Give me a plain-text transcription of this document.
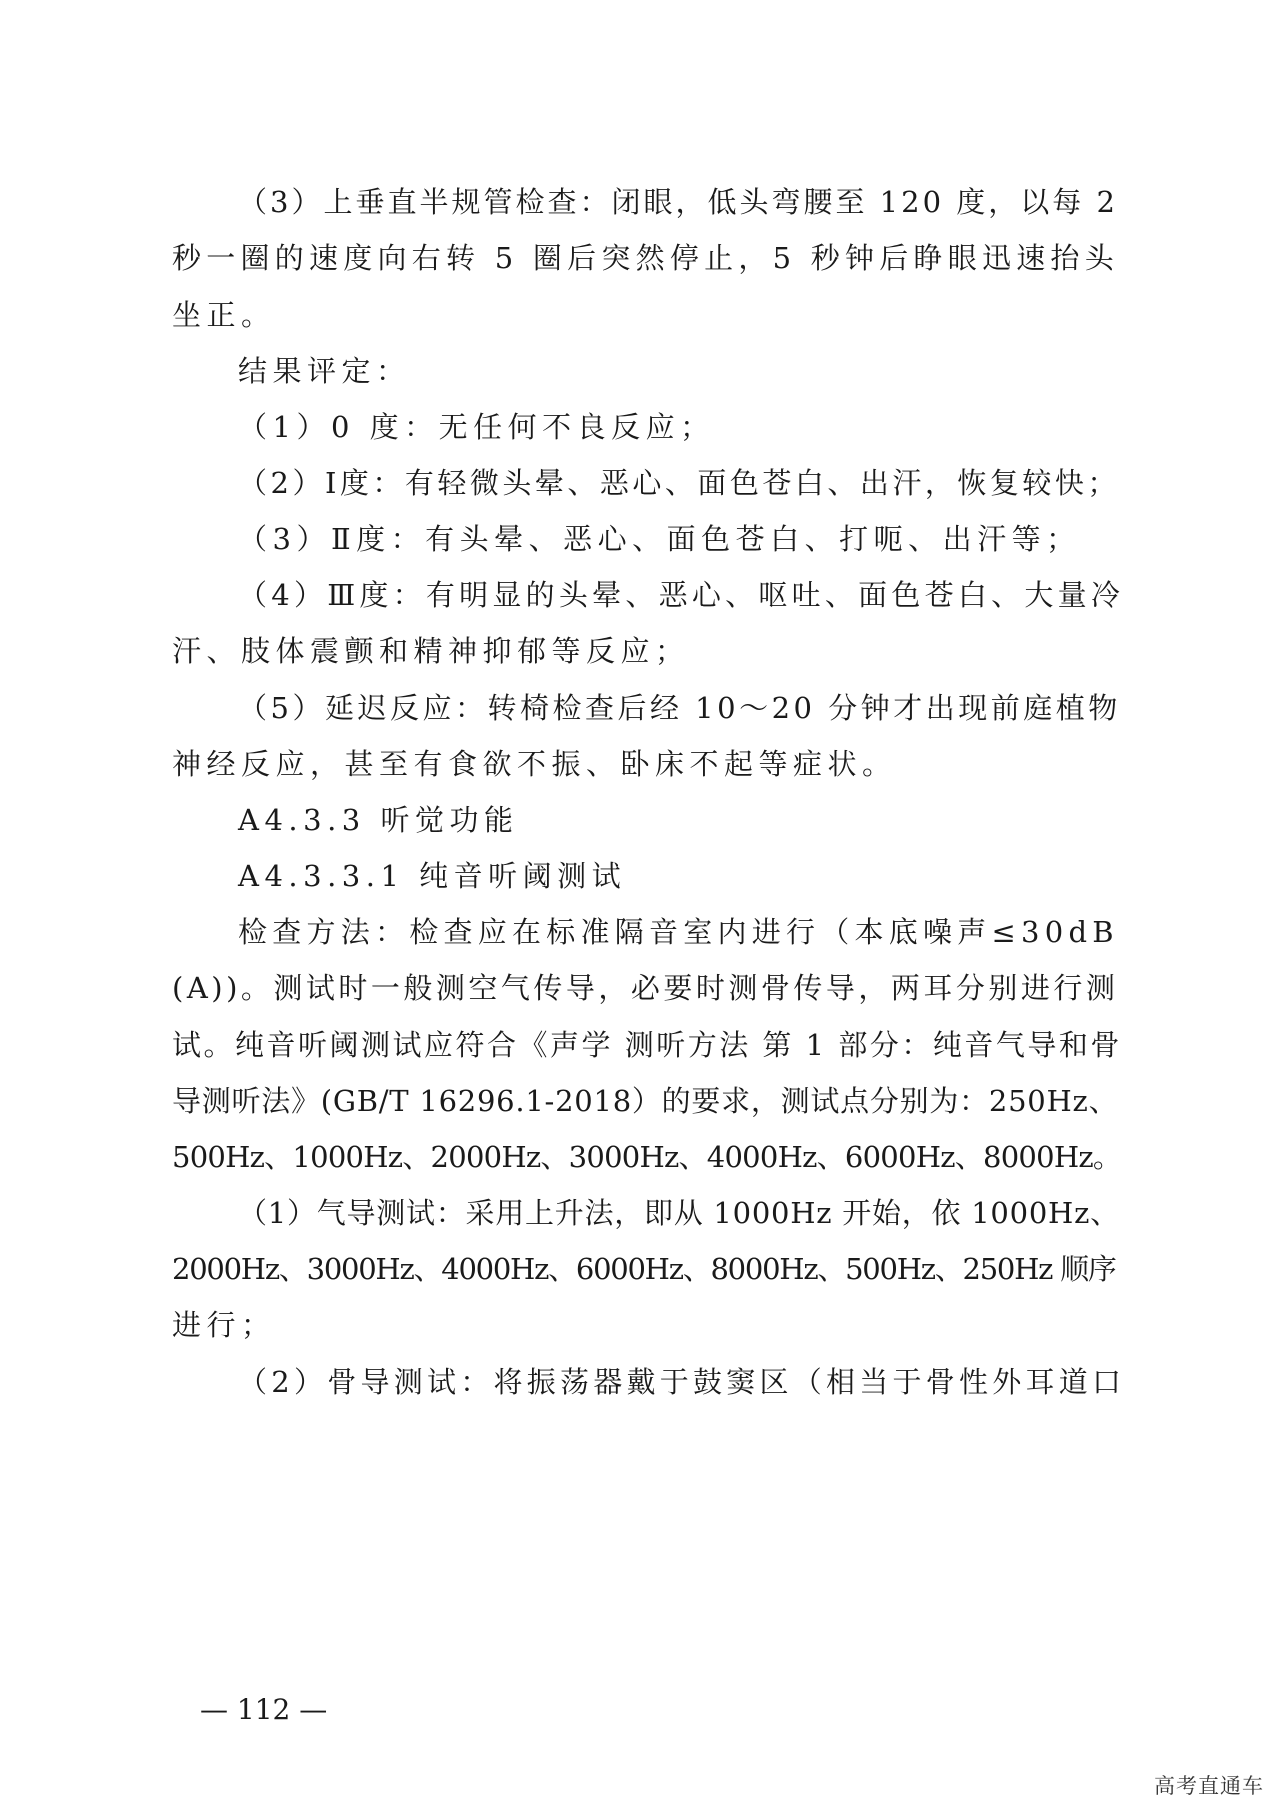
（3）上垂直半规管检查：闭眼，低头弯腰至 120 度，以每 2
秒一圈的速度向右转 5 圈后突然停止，5 秒钟后睁眼迅速抬头
坐正。
结果评定：
（1）0 度：无任何不良反应；
（2）Ⅰ度：有轻微头晕、恶心、面色苍白、出汗，恢复较快；
（3）Ⅱ度：有头晕、恶心、面色苍白、打呃、出汗等；
（4）Ⅲ度：有明显的头晕、恶心、呕吐、面色苍白、大量冷
汗、肢体震颤和精神抑郁等反应；
（5）延迟反应：转椅检查后经 10～20 分钟才出现前庭植物
神经反应，甚至有食欲不振、卧床不起等症状。
A4.3.3 听觉功能
A4.3.3.1 纯音听阈测试
检查方法：检查应在标准隔音室内进行（本底噪声≤30dB
(A))。测试时一般测空气传导，必要时测骨传导，两耳分别进行测
试。纯音听阈测试应符合《声学 测听方法 第 1 部分：纯音气导和骨
导测听法》(GB/T 16296.1-2018）的要求，测试点分别为：250Hz、
500Hz、1000Hz、2000Hz、3000Hz、4000Hz、6000Hz、8000Hz。
（1）气导测试：采用上升法，即从 1000Hz 开始，依 1000Hz、
2000Hz、3000Hz、4000Hz、6000Hz、8000Hz、500Hz、250Hz 顺序
进行；
（2）骨导测试：将振荡器戴于鼓窦区（相当于骨性外耳道口
— 112 —
高考直通车
